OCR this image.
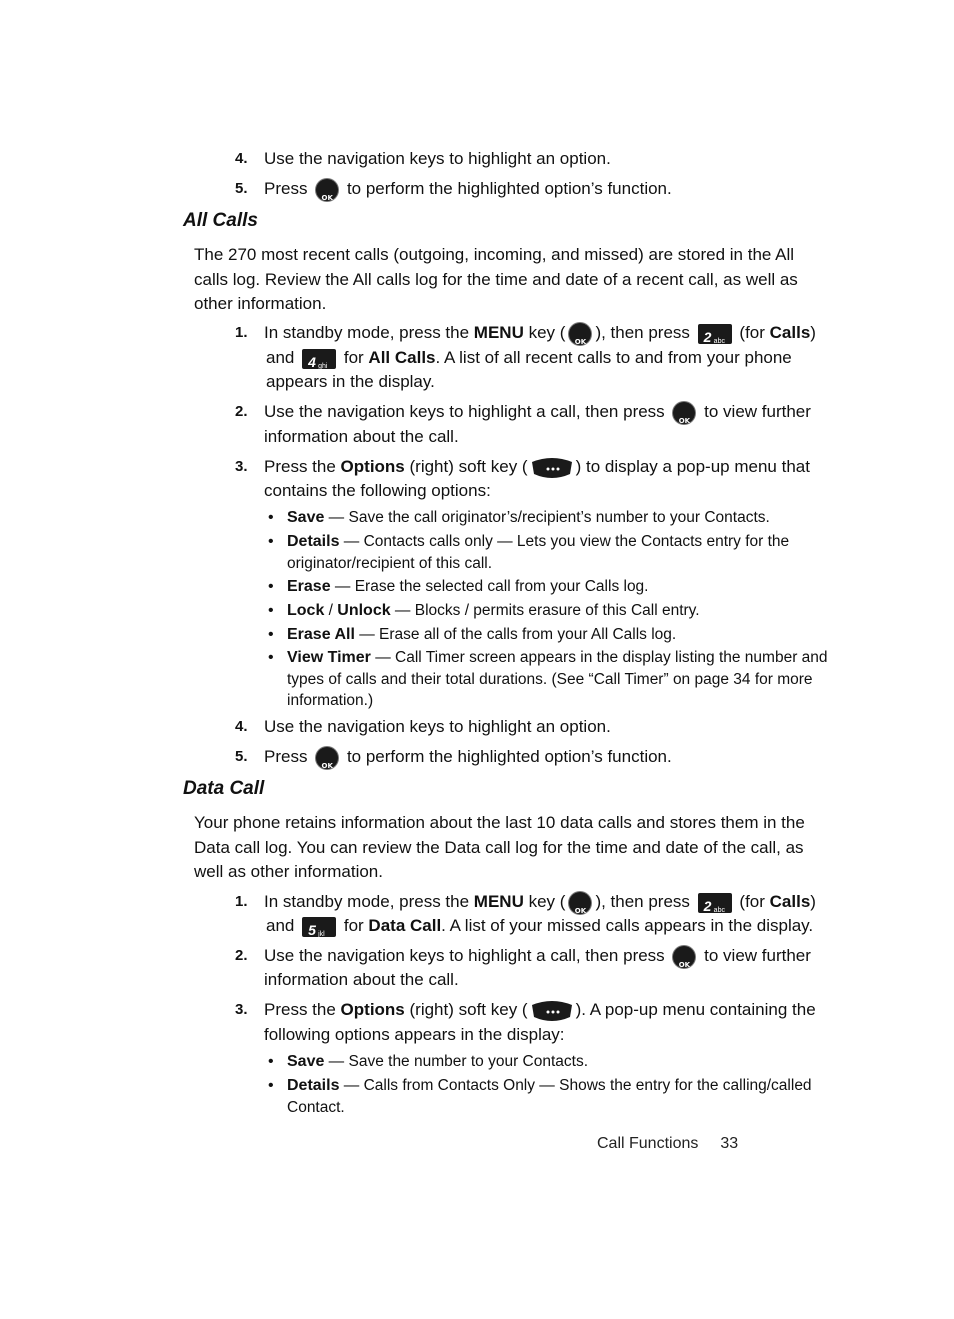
4. Use the navigation keys to highlight an option.
5. Press OK to perform the highlighted option’s function.
All Calls
The 270 most recent calls (outgoing, incoming, and missed) are stored in the All
calls log. Review the All calls log for the time and date of a recent call, as well as
other information.
1. In standby mode, press the MENU key ( OK ), then press 2 abc (for Calls)
and 4 ghi for All Calls. A list of all recent calls to and from your phone
appears in the display.
2. Use the navigation keys to highlight a call, then press OK to view further
information about the call.
3. Press the Options (right) soft key (	) to display a pop-up menu that
contains the following options:
• Save — Save the call originator’s/recipient’s number to your Contacts.
• Details — Contacts calls only — Lets you view the Contacts entry for the
originator/recipient of this call.
• Erase — Erase the selected call from your Calls log.
• Lock / Unlock — Blocks / permits erasure of this Call entry.
• Erase All — Erase all of the calls from your All Calls log.
• View Timer — Call Timer screen appears in the display listing the number and
types of calls and their total durations. (See “Call Timer” on page 34 for more
information.)
4. Use the navigation keys to highlight an option.
5. Press OK to perform the highlighted option’s function.
Data Call
Your phone retains information about the last 10 data calls and stores them in the
Data call log. You can review the Data call log for the time and date of the call, as
well as other information.
1. In standby mode, press the MENU key ( OK ), then press 2 abc (for Calls)
and 5 jkl for Data Call. A list of your missed calls appears in the display.
2. Use the navigation keys to highlight a call, then press OK to view further
information about the call.
3. Press the Options (right) soft key (	). A pop-up menu containing the
following options appears in the display:
• Save — Save the number to your Contacts.
• Details — Calls from Contacts Only — Shows the entry for the calling/called
Contact.
Call Functions 33
